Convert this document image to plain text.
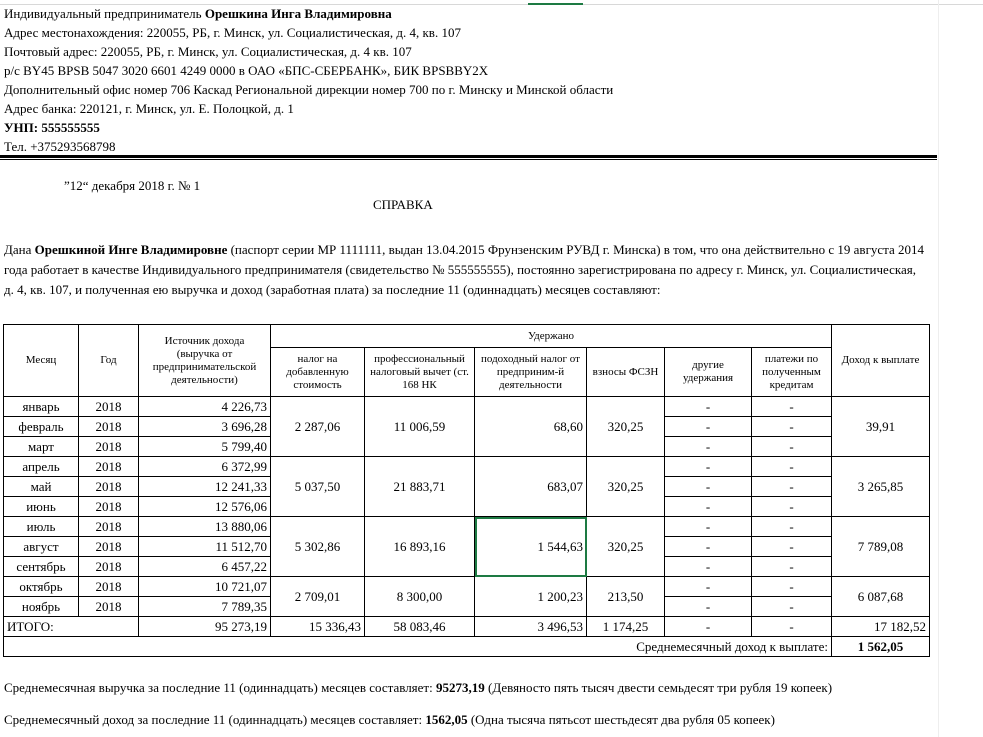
Индивидуальный предприниматель Орешкина Инга Владимировна
Адрес местонахождения: 220055, РБ, г. Минск, ул. Социалистическая, д. 4, кв. 107
Почтовый адрес: 220055, РБ, г. Минск, ул. Социалистическая, д. 4 кв. 107
р/с BY45 BPSB 5047 3020 6601 4249 0000 в ОАО «БПС-СБЕРБАНК», БИК BPSBBY2X
Дополнительный офис номер 706 Каскад Региональной дирекции номер 700 по г. Минску и Минской области
Адрес банка: 220121, г. Минск, ул. Е. Полоцкой, д. 1
УНП: 555555555
Тел. +375293568798
”12“ декабря 2018 г. № 1
СПРАВКА
Дана Орешкиной Инге Владимировне (паспорт серии МР 1111111, выдан 13.04.2015 Фрунзенским РУВД г. Минска) в том, что она действительно с 19 августа 2014 года работает в качестве Индивидуального предпринимателя (свидетельство № 555555555), постоянно зарегистрирована по адресу г. Минск, ул. Социалистическая, д. 4, кв. 107, и полученная ею выручка и доход (заработная плата) за последние 11 (одиннадцать) месяцев составляют:
Месяц	Год	Источник дохода (выручка от предпринимательской деятельности)	Удержано						Доход к выплате
			налог на добавленную стоимость	профессиональный налоговый вычет (ст. 168 НК	подоходный налог от предприним-й деятельности	взносы ФСЗН	другие удержания	платежи по полученным кредитам	
январь	2018	4 226,73	2 287,06	11 006,59	68,60	320,25	-	-	39,91
февраль	2018	3 696,28					-	-	
март	2018	5 799,40					-	-	
апрель	2018	6 372,99	5 037,50	21 883,71	683,07	320,25	-	-	3 265,85
май	2018	12 241,33					-	-	
июнь	2018	12 576,06					-	-	
июль	2018	13 880,06	5 302,86	16 893,16	1 544,63	320,25	-	-	7 789,08
август	2018	11 512,70					-	-	
сентябрь	2018	6 457,22					-	-	
октябрь	2018	10 721,07	2 709,01	8 300,00	1 200,23	213,50	-	-	6 087,68
ноябрь	2018	7 789,35					-	-	
ИТОГО:		95 273,19	15 336,43	58 083,46	3 496,53	1 174,25	-	-	17 182,52
Среднемесячный доход к выплате:									1 562,05
Среднемесячная выручка за последние 11 (одиннадцать) месяцев составляет: 95273,19 (Девяносто пять тысяч двести семьдесят три рубля 19 копеек)
Среднемесячный доход за последние 11 (одиннадцать) месяцев составляет: 1562,05 (Одна тысяча пятьсот шестьдесят два рубля 05 копеек)
